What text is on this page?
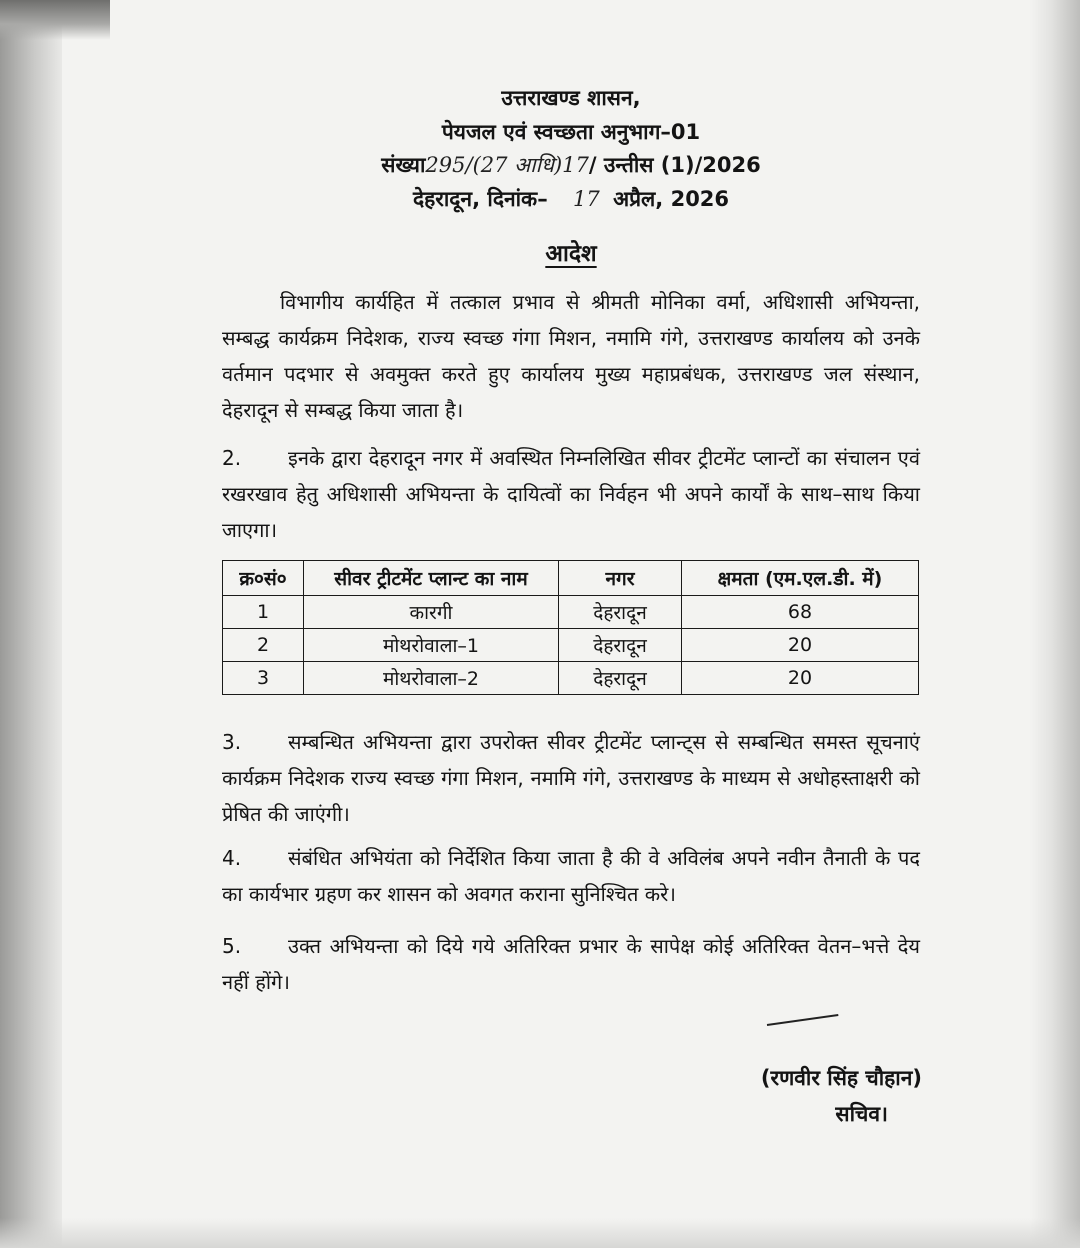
उत्तराखण्ड शासन,
पेयजल एवं स्वच्छता अनुभाग–01
संख्या295/(27 आधि)17/ उन्तीस (1)/2026
देहरादून, दिनांक– 17 अप्रैल, 2026
आदेश
विभागीय कार्यहित में तत्काल प्रभाव से श्रीमती मोनिका वर्मा, अधिशासी अभियन्ता, सम्बद्ध कार्यक्रम निदेशक, राज्य स्वच्छ गंगा मिशन, नमामि गंगे, उत्तराखण्ड कार्यालय को उनके वर्तमान पदभार से अवमुक्त करते हुए कार्यालय मुख्य महाप्रबंधक, उत्तराखण्ड जल संस्थान, देहरादून से सम्बद्ध किया जाता है।
2. इनके द्वारा देहरादून नगर में अवस्थित निम्नलिखित सीवर ट्रीटमेंट प्लान्टों का संचालन एवं रखरखाव हेतु अधिशासी अभियन्ता के दायित्वों का निर्वहन भी अपने कार्यों के साथ–साथ किया जाएगा।
क्र०सं०	सीवर ट्रीटमेंट प्लान्ट का नाम	नगर	क्षमता (एम.एल.डी. में)
1	कारगी	देहरादून	68
2	मोथरोवाला–1	देहरादून	20
3	मोथरोवाला–2	देहरादून	20
3. सम्बन्धित अभियन्ता द्वारा उपरोक्त सीवर ट्रीटमेंट प्लान्ट्स से सम्बन्धित समस्त सूचनाएं कार्यक्रम निदेशक राज्य स्वच्छ गंगा मिशन, नमामि गंगे, उत्तराखण्ड के माध्यम से अधोहस्ताक्षरी को प्रेषित की जाएंगी।
4. संबंधित अभियंता को निर्देशित किया जाता है की वे अविलंब अपने नवीन तैनाती के पद का कार्यभार ग्रहण कर शासन को अवगत कराना सुनिश्चित करे।
5. उक्त अभियन्ता को दिये गये अतिरिक्त प्रभार के सापेक्ष कोई अतिरिक्त वेतन–भत्ते देय नहीं होंगे।
(रणवीर सिंह चौहान)
सचिव।
